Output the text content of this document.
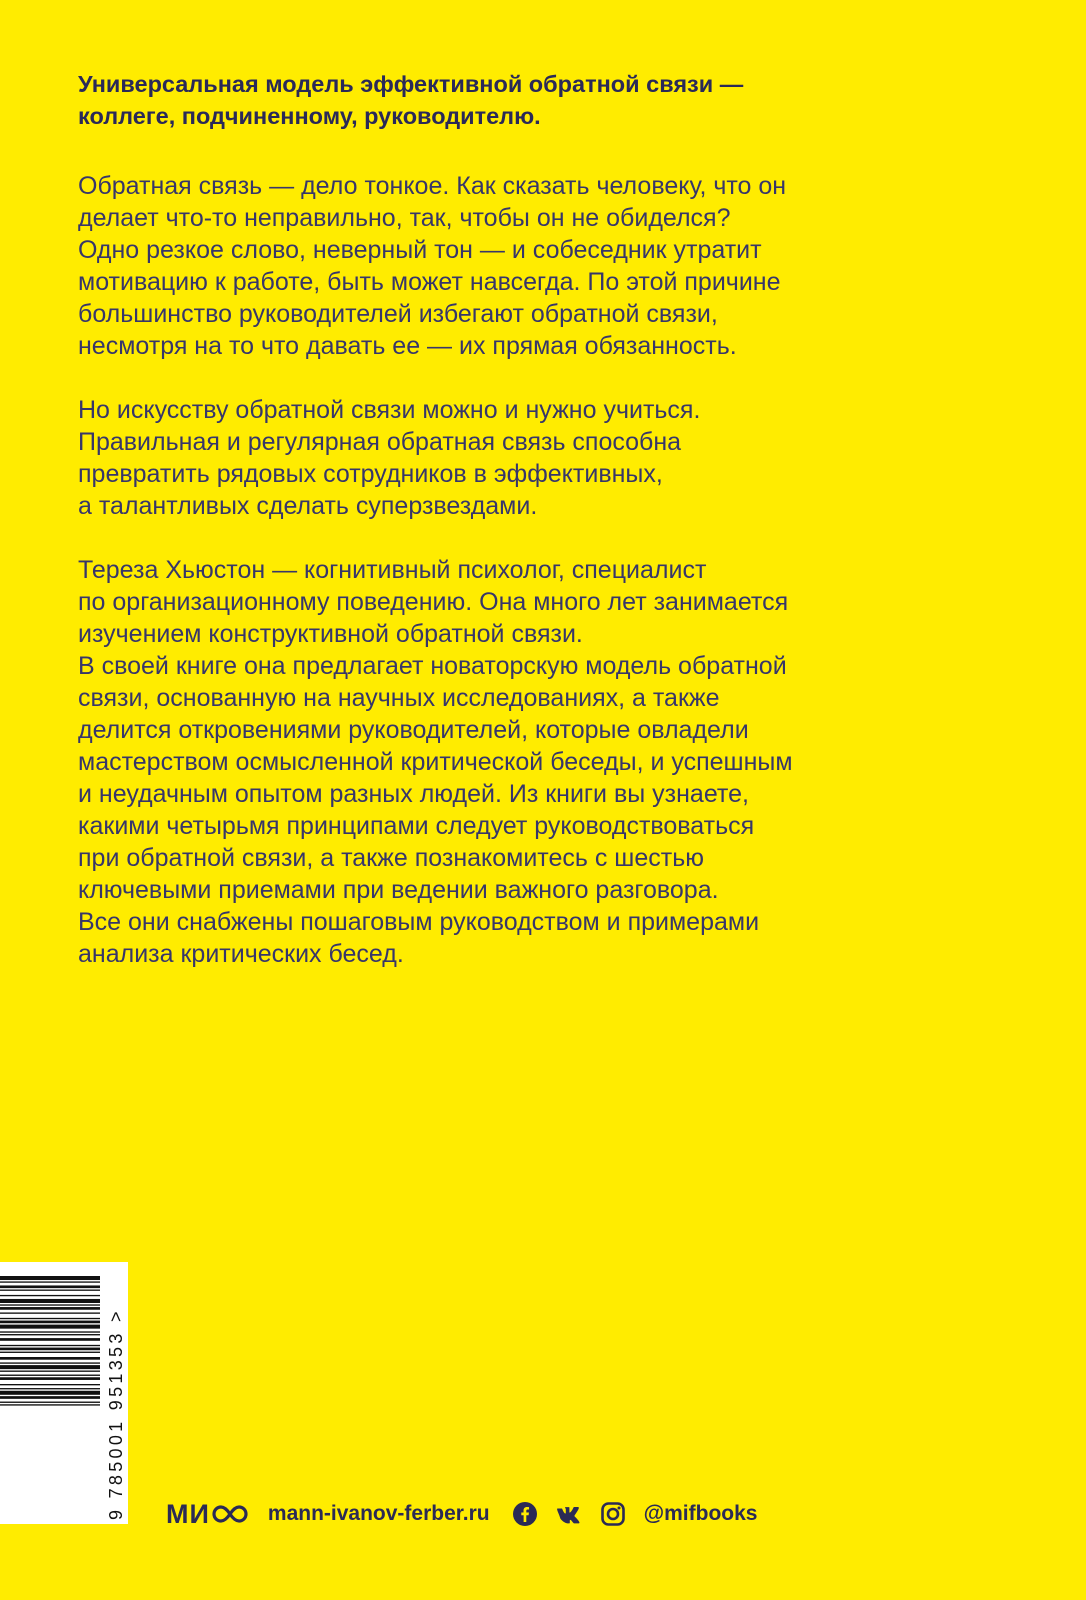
Универсальная модель эффективной обратной связи —
коллеге, подчиненному, руководителю.
Обратная связь — дело тонкое. Как сказать человеку, что он
делает что-то неправильно, так, чтобы он не обиделся?
Одно резкое слово, неверный тон — и собеседник утратит
мотивацию к работе, быть может навсегда. По этой причине
большинство руководителей избегают обратной связи,
несмотря на то что давать ее — их прямая обязанность.
Но искусству обратной связи можно и нужно учиться.
Правильная и регулярная обратная связь способна
превратить рядовых сотрудников в эффективных,
а талантливых сделать суперзвездами.
Тереза Хьюстон — когнитивный психолог, специалист
по организационному поведению. Она много лет занимается
изучением конструктивной обратной связи.
В своей книге она предлагает новаторскую модель обратной
связи, основанную на научных исследованиях, а также
делится откровениями руководителей, которые овладели
мастерством осмысленной критической беседы, и успешным
и неудачным опытом разных людей. Из книги вы узнаете,
какими четырьмя принципами следует руководствоваться
при обратной связи, а также познакомитесь с шестью
ключевыми приемами при ведении важного разговора.
Все они снабжены пошаговым руководством и примерами
анализа критических бесед.
9 785001 951353 > МИ	mann-ivanov-ferber.ru	@mifbooks
